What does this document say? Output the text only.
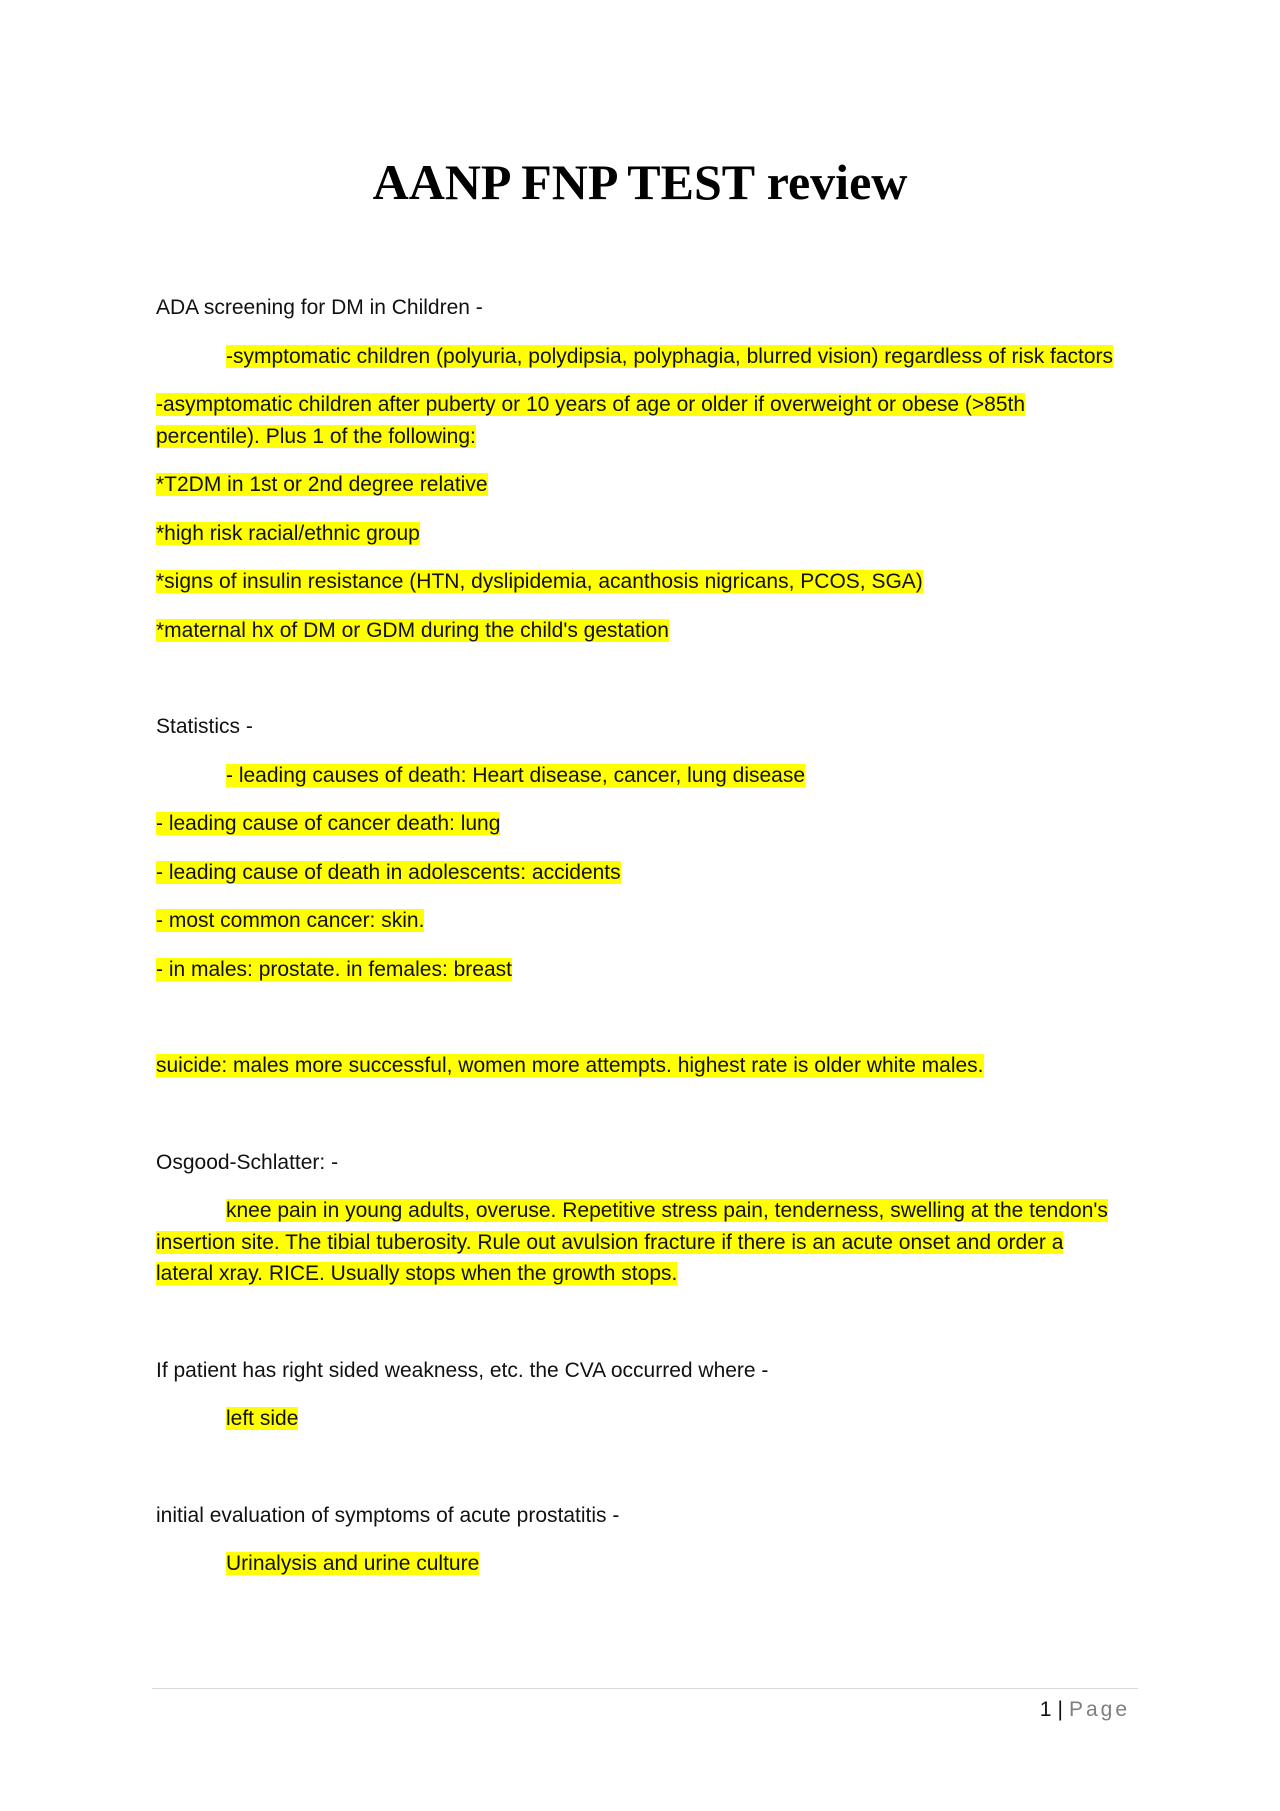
AANP FNP TEST review

ADA screening for DM in Children -

-symptomatic children (polyuria, polydipsia, polyphagia, blurred vision) regardless of risk factors

-asymptomatic children after puberty or 10 years of age or older if overweight or obese (>85th percentile). Plus 1 of the following:

*T2DM in 1st or 2nd degree relative

*high risk racial/ethnic group

*signs of insulin resistance (HTN, dyslipidemia, acanthosis nigricans, PCOS, SGA)

*maternal hx of DM or GDM during the child's gestation

Statistics -

- leading causes of death: Heart disease, cancer, lung disease

- leading cause of cancer death: lung

- leading cause of death in adolescents: accidents

- most common cancer: skin.

- in males: prostate. in females: breast

suicide: males more successful, women more attempts. highest rate is older white males.

Osgood-Schlatter: -

knee pain in young adults, overuse. Repetitive stress pain, tenderness, swelling at the tendon's insertion site. The tibial tuberosity. Rule out avulsion fracture if there is an acute onset and order a lateral xray. RICE. Usually stops when the growth stops.

If patient has right sided weakness, etc. the CVA occurred where -

left side

initial evaluation of symptoms of acute prostatitis -

Urinalysis and urine culture

1 | Page
